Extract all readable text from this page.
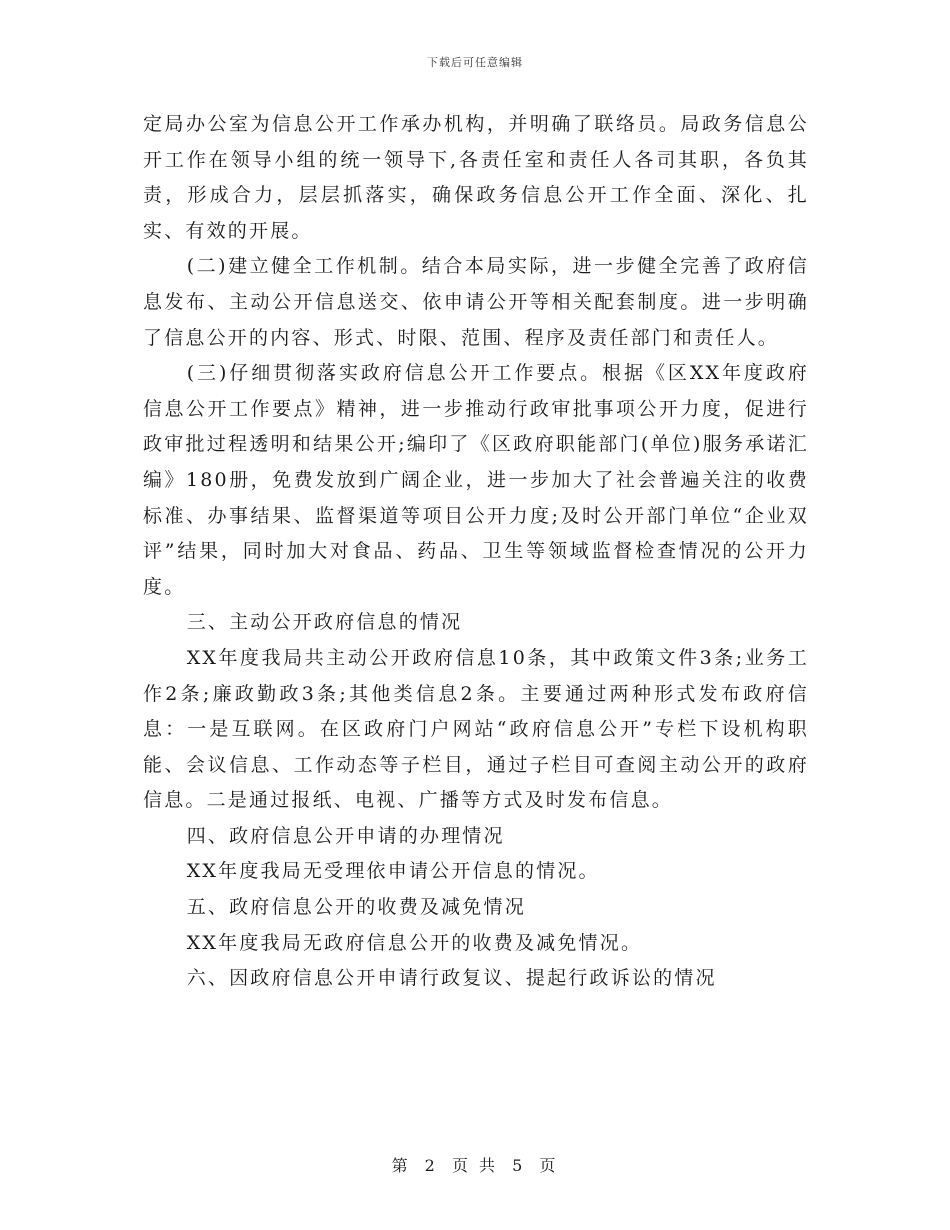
下载后可任意编辑

定局办公室为信息公开工作承办机构，并明确了联络员。局政务信息公开工作在领导小组的统一领导下,各责任室和责任人各司其职，各负其责，形成合力，层层抓落实，确保政务信息公开工作全面、深化、扎实、有效的开展。

(二)建立健全工作机制。结合本局实际，进一步健全完善了政府信息发布、主动公开信息送交、依申请公开等相关配套制度。进一步明确了信息公开的内容、形式、时限、范围、程序及责任部门和责任人。

(三)仔细贯彻落实政府信息公开工作要点。根据《区XX年度政府信息公开工作要点》精神，进一步推动行政审批事项公开力度，促进行政审批过程透明和结果公开;编印了《区政府职能部门(单位)服务承诺汇编》180册，免费发放到广阔企业，进一步加大了社会普遍关注的收费标准、办事结果、监督渠道等项目公开力度;及时公开部门单位“企业双评”结果，同时加大对食品、药品、卫生等领域监督检查情况的公开力度。

三、主动公开政府信息的情况

XX年度我局共主动公开政府信息10条，其中政策文件3条;业务工作2条;廉政勤政3条;其他类信息2条。主要通过两种形式发布政府信息：一是互联网。在区政府门户网站“政府信息公开”专栏下设机构职能、会议信息、工作动态等子栏目，通过子栏目可查阅主动公开的政府信息。二是通过报纸、电视、广播等方式及时发布信息。

四、政府信息公开申请的办理情况

XX年度我局无受理依申请公开信息的情况。

五、政府信息公开的收费及减免情况

XX年度我局无政府信息公开的收费及减免情况。

六、因政府信息公开申请行政复议、提起行政诉讼的情况

第 2 页 共 5 页
